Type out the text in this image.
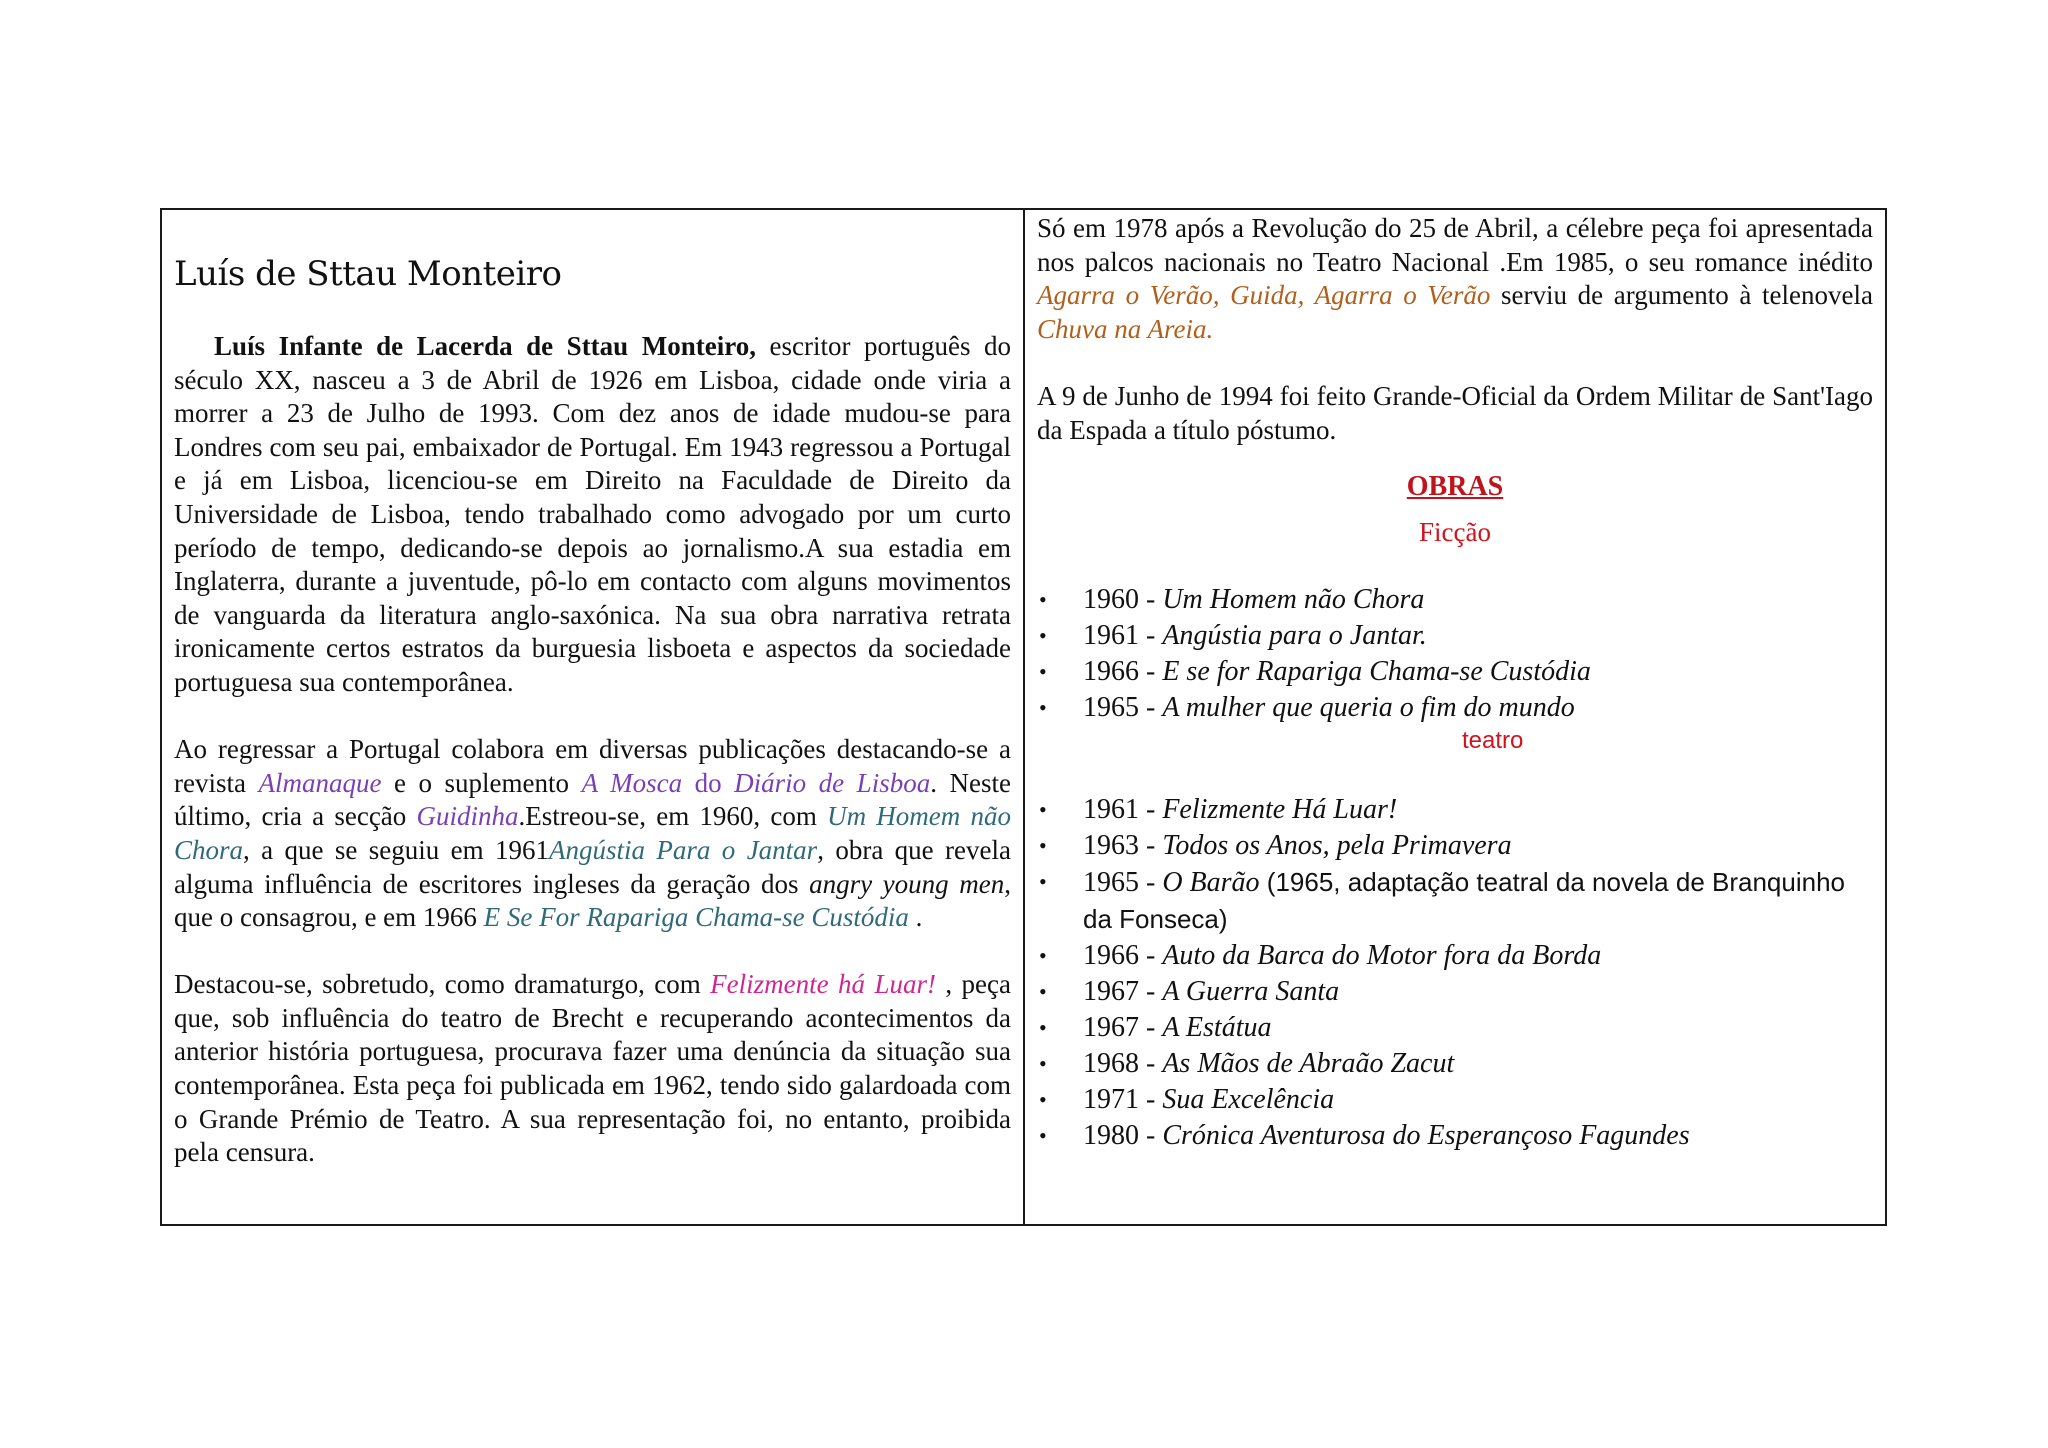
Luís de Sttau Monteiro

Luís Infante de Lacerda de Sttau Monteiro, escritor português do século XX, nasceu a 3 de Abril de 1926 em Lisboa, cidade onde viria a morrer a 23 de Julho de 1993. Com dez anos de idade mudou-se para Londres com seu pai, embaixador de Portugal. Em 1943 regressou a Portugal e já em Lisboa, licenciou-se em Direito na Faculdade de Direito da Universidade de Lisboa, tendo trabalhado como advogado por um curto período de tempo, dedicando-se depois ao jornalismo.A sua estadia em Inglaterra, durante a juventude, pô-lo em contacto com alguns movimentos de vanguarda da literatura anglo-saxónica. Na sua obra narrativa retrata ironicamente certos estratos da burguesia lisboeta e aspectos da sociedade portuguesa sua contemporânea.

Ao regressar a Portugal colabora em diversas publicações destacando-se a revista Almanaque e o suplemento A Mosca do Diário de Lisboa. Neste último, cria a secção Guidinha.Estreou-se, em 1960, com Um Homem não Chora, a que se seguiu em 1961Angústia Para o Jantar, obra que revela alguma influência de escritores ingleses da geração dos angry young men, que o consagrou, e em 1966 E Se For Rapariga Chama-se Custódia .

Destacou-se, sobretudo, como dramaturgo, com Felizmente há Luar! , peça que, sob influência do teatro de Brecht e recuperando acontecimentos da anterior história portuguesa, procurava fazer uma denúncia da situação sua contemporânea. Esta peça foi publicada em 1962, tendo sido galardoada com o Grande Prémio de Teatro. A sua representação foi, no entanto, proibida pela censura.

Só em 1978 após a Revolução do 25 de Abril, a célebre peça foi apresentada nos palcos nacionais no Teatro Nacional .Em 1985, o seu romance inédito Agarra o Verão, Guida, Agarra o Verão serviu de argumento à telenovela Chuva na Areia.

A 9 de Junho de 1994 foi feito Grande-Oficial da Ordem Militar de Sant'Iago da Espada a título póstumo.

OBRAS
Ficção
• 1960 - Um Homem não Chora
• 1961 - Angústia para o Jantar.
• 1966 - E se for Rapariga Chama-se Custódia
• 1965 - A mulher que queria o fim do mundo
teatro
• 1961 - Felizmente Há Luar!
• 1963 - Todos os Anos, pela Primavera
• 1965 - O Barão (1965, adaptação teatral da novela de Branquinho da Fonseca)
• 1966 - Auto da Barca do Motor fora da Borda
• 1967 - A Guerra Santa
• 1967 - A Estátua
• 1968 - As Mãos de Abraão Zacut
• 1971 - Sua Excelência
• 1980 - Crónica Aventurosa do Esperançoso Fagundes
